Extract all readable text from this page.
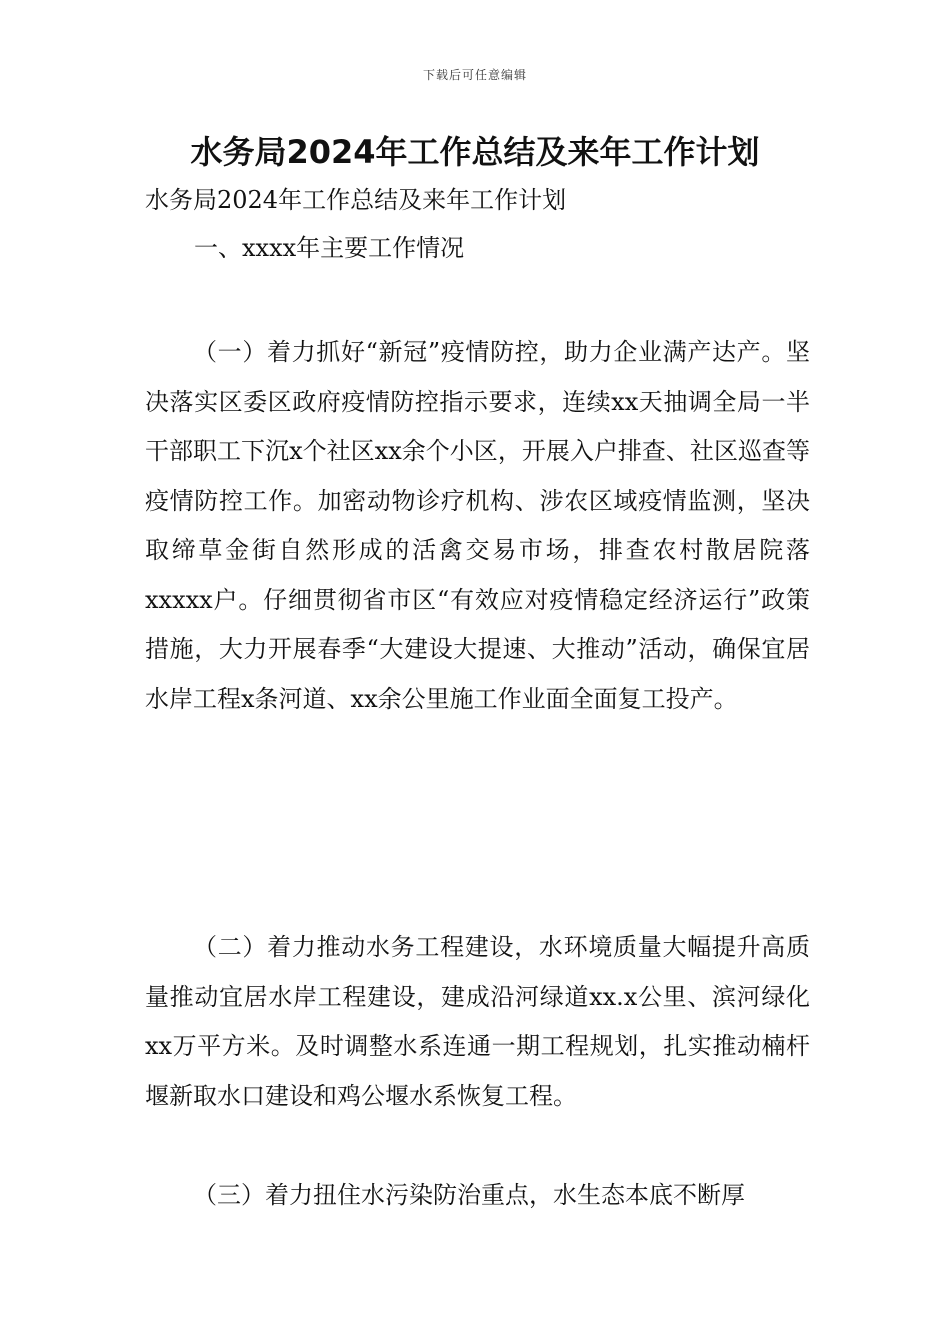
下载后可任意编辑
水务局2024年工作总结及来年工作计划
水务局2024年工作总结及来年工作计划
一、xxxx年主要工作情况

（一）着力抓好“新冠”疫情防控，助力企业满产达产。坚决落实区委区政府疫情防控指示要求，连续xx天抽调全局一半干部职工下沉x个社区xx余个小区，开展入户排查、社区巡查等疫情防控工作。加密动物诊疗机构、涉农区域疫情监测，坚决取缔草金街自然形成的活禽交易市场，排查农村散居院落xxxxx户。仔细贯彻省市区“有效应对疫情稳定经济运行”政策措施，大力开展春季“大建设大提速、大推动”活动，确保宜居水岸工程x条河道、xx余公里施工作业面全面复工投产。

（二）着力推动水务工程建设，水环境质量大幅提升高质量推动宜居水岸工程建设，建成沿河绿道xx.x公里、滨河绿化xx万平方米。及时调整水系连通一期工程规划，扎实推动楠杆堰新取水口建设和鸡公堰水系恢复工程。

（三）着力扭住水污染防治重点，水生态本底不断厚
